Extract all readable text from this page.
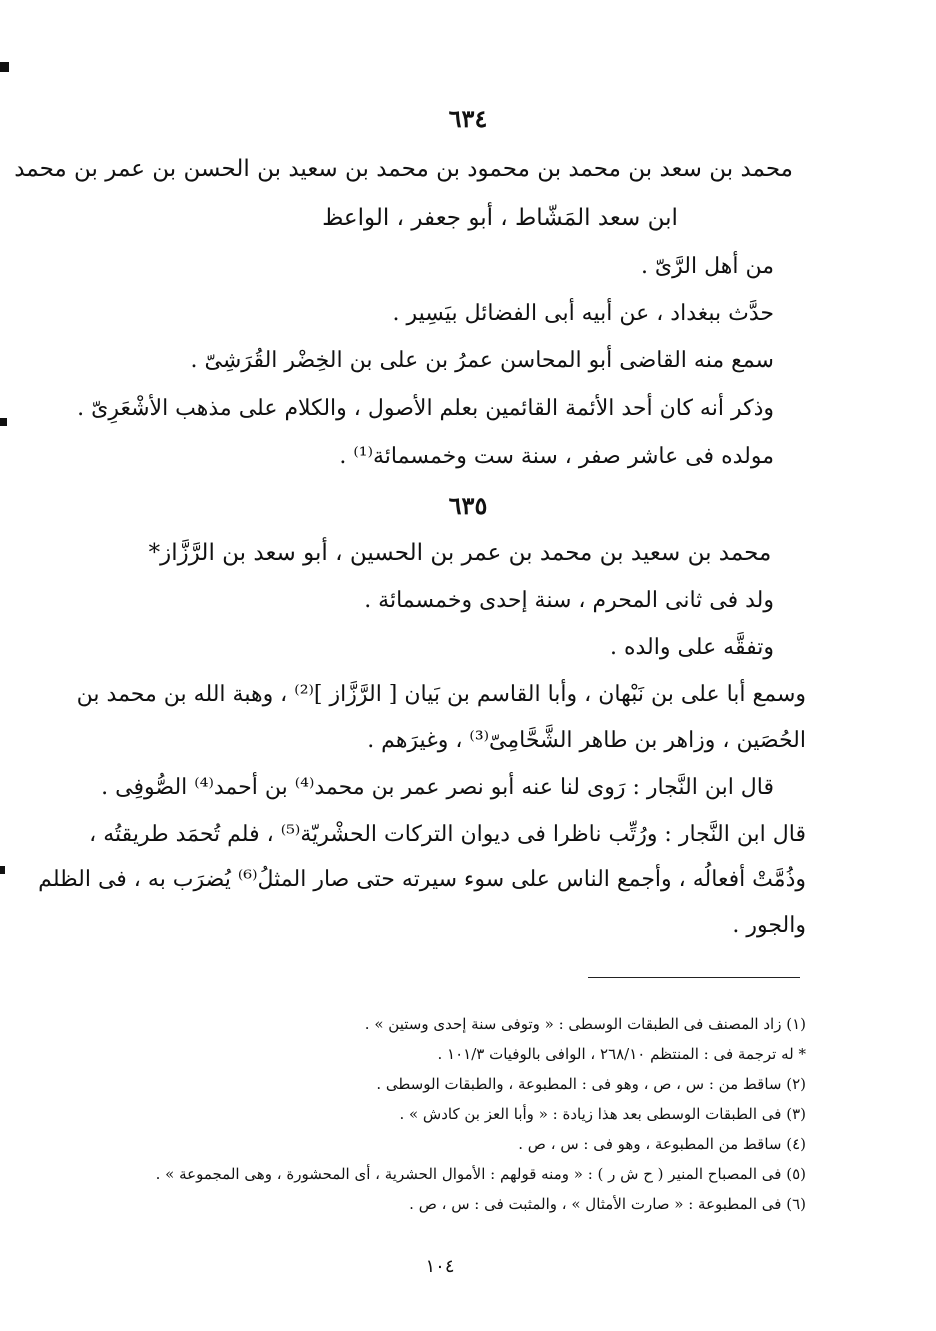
٦٣٤
محمد بن سعد بن محمد بن محمود بن محمد بن سعيد بن الحسن بن عمر بن محمد
ابن سعد المَشّاط ، أبو جعفر ، الواعظ
من أهل الرَّىّ .
حدَّث ببغداد ، عن أبيه أبى الفضائل بيَسِير .
سمع منه القاضى أبو المحاسن عمرُ بن على بن الخِضْر القُرَشِىّ .
وذكر أنه كان أحد الأئمة القائمين بعلم الأصول ، والكلام على مذهب الأشْعَرِىّ .
مولده فى عاشر صفر ، سنة ست وخمسمائة⁽¹⁾ .
٦٣٥
محمد بن سعيد بن محمد بن عمر بن الحسين ، أبو سعد بن الرَّزَّاز*
ولد فى ثانى المحرم ، سنة إحدى وخمسمائة .
وتفقَّه على والده .
وسمع أبا على بن نَبْهان ، وأبا القاسم بن بَيان [ الرَّزَّاز ]⁽²⁾ ، وهبة الله بن محمد بن
الحُصَين ، وزاهر بن طاهر الشَّحَّامِىّ⁽³⁾ ، وغيرَهم .
قال ابن النَّجار : رَوى لنا عنه أبو نصر عمر بن محمد⁽⁴⁾ بن أحمد⁽⁴⁾ الصُّوفِى .
قال ابن النَّجار : ورُتِّب ناظرا فى ديوان التركات الحشْريّة⁽⁵⁾ ، فلم تُحمَد طريقتُه ،
وذُمَّتْ أفعالُه ، وأجمع الناس على سوء سيرته حتى صار المثلُ⁽⁶⁾ يُضرَب به ، فى الظلم
والجور .
(١) زاد المصنف فى الطبقات الوسطى : « وتوفى سنة إحدى وستين » .
* له ترجمة فى : المنتظم ٢٦٨/١٠ ، الوافى بالوفيات ١٠١/٣ .
(٢) ساقط من : س ، ص ، وهو فى : المطبوعة ، والطبقات الوسطى .
(٣) فى الطبقات الوسطى بعد هذا زيادة : « وأبا العز بن كادش » .
(٤) ساقط من المطبوعة ، وهو فى : س ، ص .
(٥) فى المصباح المنير ( ح ش ر ) : « ومنه قولهم : الأموال الحشرية ، أى المحشورة ، وهى المجموعة » .
(٦) فى المطبوعة : « صارت الأمثال » ، والمثبت فى : س ، ص .
١٠٤
